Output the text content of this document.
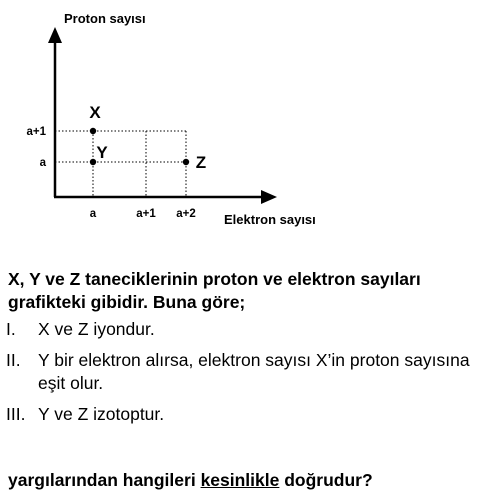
Proton sayısı
Elektron sayısı
a	a+1 a+2
a
a+1
X
Y
Z

X, Y ve Z taneciklerinin proton ve elektron sayıları grafikteki gibidir. Buna göre;

I.	X ve Z iyondur.
II. Y bir elektron alırsa, elektron sayısı X’in proton sayısına eşit olur.
III. Y ve Z izotoptur.

yargılarından hangileri kesinlikle doğrudur?
